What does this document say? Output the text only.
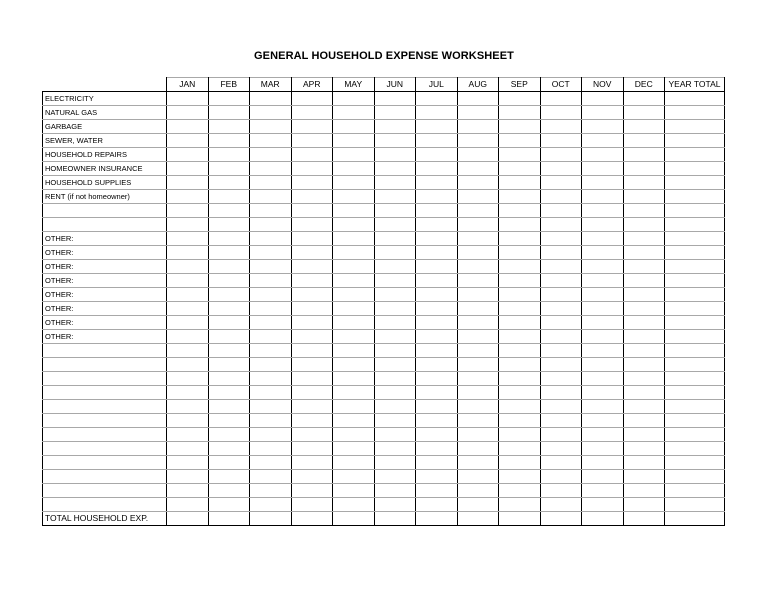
GENERAL HOUSEHOLD EXPENSE WORKSHEET
	JAN	FEB	MAR	APR	MAY	JUN	JUL	AUG	SEP	OCT	NOV	DEC	YEAR TOTAL
ELECTRICITY													
NATURAL GAS													
GARBAGE													
SEWER, WATER													
HOUSEHOLD REPAIRS													
HOMEOWNER INSURANCE													
HOUSEHOLD SUPPLIES													
RENT (if not homeowner)													

OTHER:													
OTHER:													
OTHER:													
OTHER:													
OTHER:													
OTHER:													
OTHER:													
OTHER:													

TOTAL HOUSEHOLD EXP.													
